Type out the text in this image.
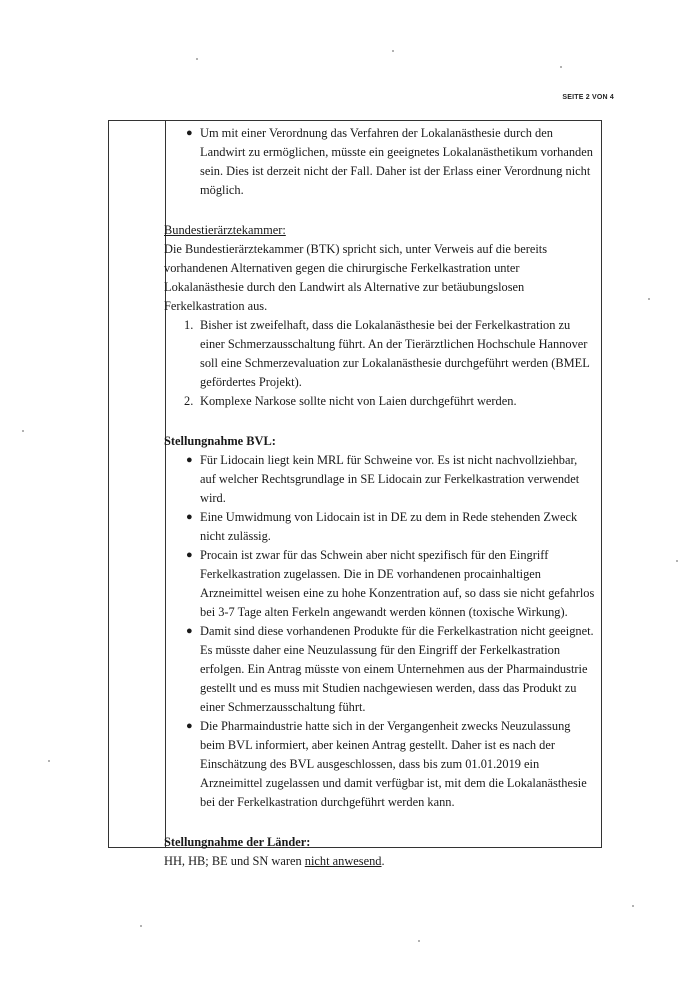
SEITE 2 VON 4
● Um mit einer Verordnung das Verfahren der Lokalanästhesie durch den Landwirt zu ermöglichen, müsste ein geeignetes Lokalanästhetikum vorhanden sein. Dies ist derzeit nicht der Fall. Daher ist der Erlass einer Verordnung nicht möglich.
Bundestierärztekammer:
Die Bundestierärztekammer (BTK) spricht sich, unter Verweis auf die bereits vorhandenen Alternativen gegen die chirurgische Ferkelkastration unter Lokalanästhesie durch den Landwirt als Alternative zur betäubungslosen Ferkelkastration aus.
1. Bisher ist zweifelhaft, dass die Lokalanästhesie bei der Ferkelkastration zu einer Schmerzausschaltung führt. An der Tierärztlichen Hochschule Hannover soll eine Schmerzevaluation zur Lokalanästhesie durchgeführt werden (BMEL gefördertes Projekt).
2. Komplexe Narkose sollte nicht von Laien durchgeführt werden.
Stellungnahme BVL:
● Für Lidocain liegt kein MRL für Schweine vor. Es ist nicht nachvollziehbar, auf welcher Rechtsgrundlage in SE Lidocain zur Ferkelkastration verwendet wird.
● Eine Umwidmung von Lidocain ist in DE zu dem in Rede stehenden Zweck nicht zulässig.
● Procain ist zwar für das Schwein aber nicht spezifisch für den Eingriff Ferkelkastration zugelassen. Die in DE vorhandenen procainhaltigen Arzneimittel weisen eine zu hohe Konzentration auf, so dass sie nicht gefahrlos bei 3-7 Tage alten Ferkeln angewandt werden können (toxische Wirkung).
● Damit sind diese vorhandenen Produkte für die Ferkelkastration nicht geeignet. Es müsste daher eine Neuzulassung für den Eingriff der Ferkelkastration erfolgen. Ein Antrag müsste von einem Unternehmen aus der Pharmaindustrie gestellt und es muss mit Studien nachgewiesen werden, dass das Produkt zu einer Schmerzausschaltung führt.
● Die Pharmaindustrie hatte sich in der Vergangenheit zwecks Neuzulassung beim BVL informiert, aber keinen Antrag gestellt. Daher ist es nach der Einschätzung des BVL ausgeschlossen, dass bis zum 01.01.2019 ein Arzneimittel zugelassen und damit verfügbar ist, mit dem die Lokalanästhesie bei der Ferkelkastration durchgeführt werden kann.
Stellungnahme der Länder:
HH, HB; BE und SN waren nicht anwesend.
